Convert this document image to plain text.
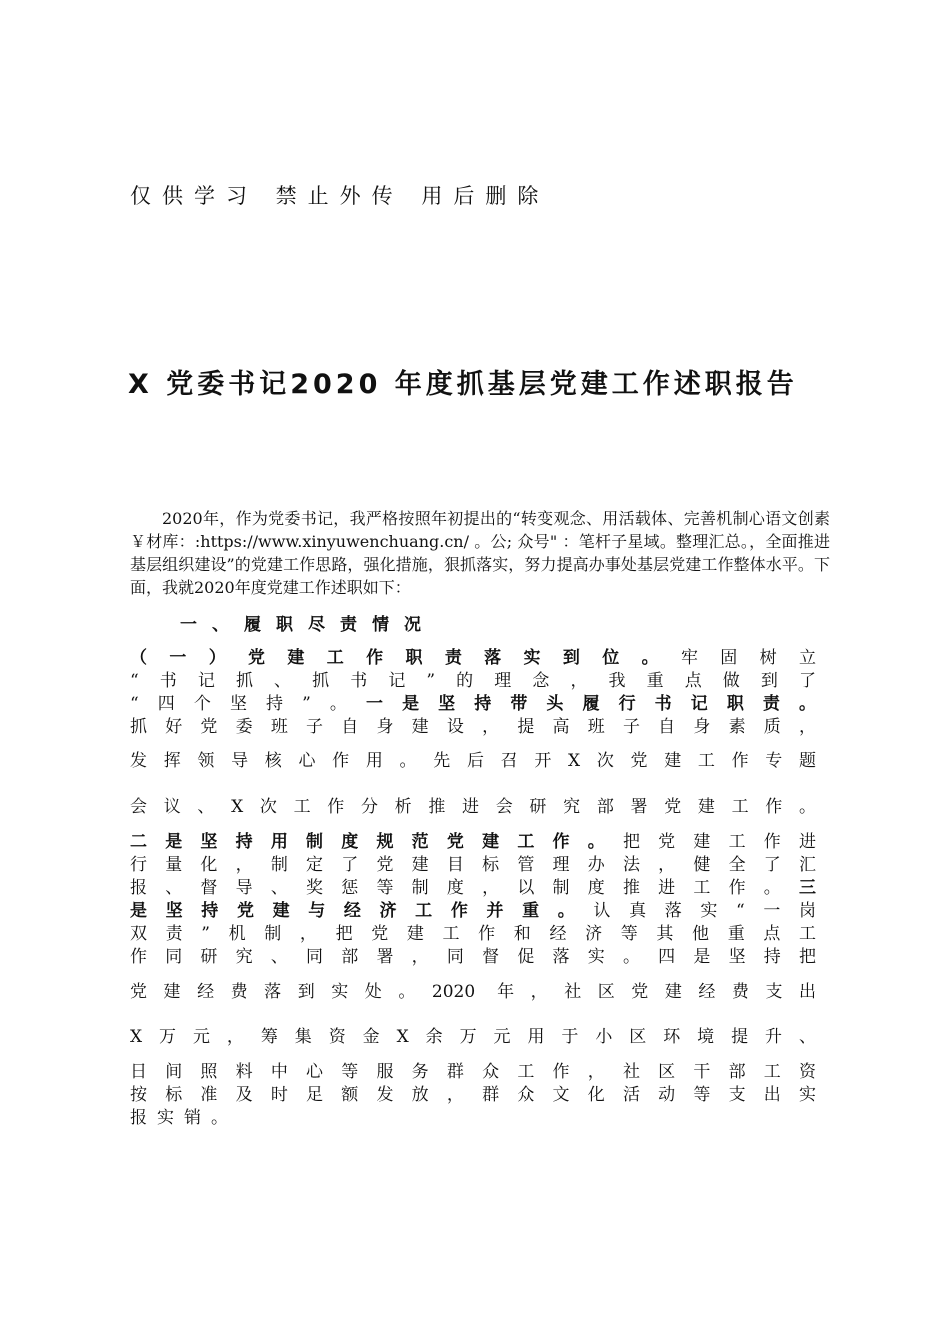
仅供学习 禁止外传 用后删除
X 党委书记2020 年度抓基层党建工作述职报告
2020年，作为党委书记，我严格按照年初提出的“转变观念、用活载体、完善机制心语文创素￥材库：:https://www.xinyuwenchuang.cn/ 。公; 众号" ：笔杆子星域。整理汇总。，全面推进基层组织建设”的党建工作思路，强化措施，狠抓落实，努力提高办事处基层党建工作整体水平。下面，我就2020年度党建工作述职如下：
一、履职尽责情况
（一）党建工作职责落实到位。牢固树立
“书记抓、抓书记”的理念，我重点做到了
“四个坚持”。一是坚持带头履行书记职责。
抓好党委班子自身建设，提高班子自身素质，
发挥领导核心作用。先后召开X次党建工作专题
会议、X次工作分析推进会研究部署党建工作。
二是坚持用制度规范党建工作。把党建工作进
行量化，制定了党建目标管理办法，健全了汇
报、督导、奖惩等制度，以制度推进工作。三
是坚持党建与经济工作并重。认真落实“一岗
双责”机制，把党建工作和经济等其他重点工
作同研究、同部署，同督促落实。四是坚持把
党建经费落到实处。2020 年，社区党建经费支出
X万元，筹集资金X余万元用于小区环境提升、
日间照料中心等服务群众工作，社区干部工资
按标准及时足额发放，群众文化活动等支出实
报实销。
